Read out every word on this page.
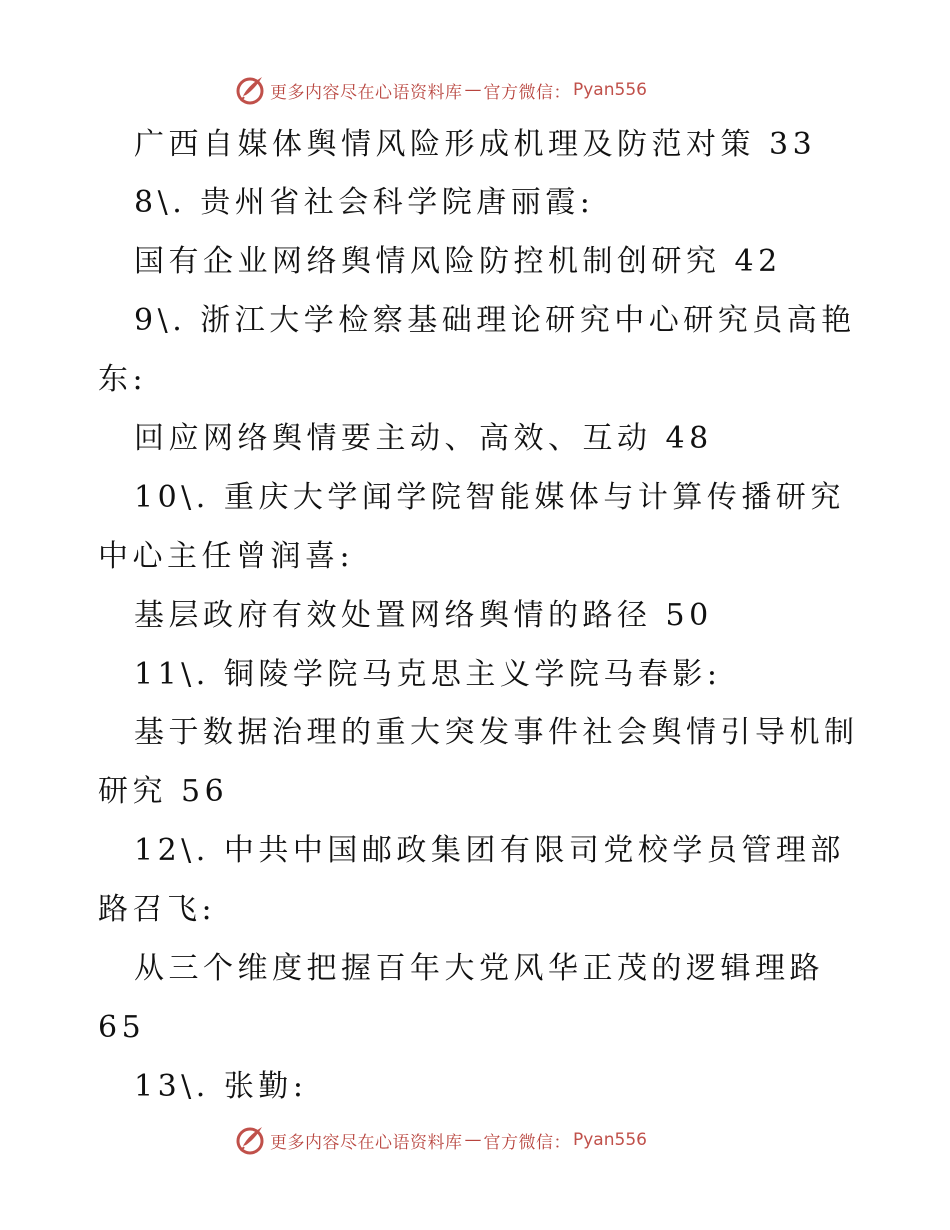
更多内容尽在心语资料库 — 官方微信： Pyan556
广西自媒体舆情风险形成机理及防范对策 33
8\. 贵州省社会科学院唐丽霞:
国有企业网络舆情风险防控机制创研究 42
9\. 浙江大学检察基础理论研究中心研究员高艳
东:
回应网络舆情要主动、高效、互动 48
10\. 重庆大学闻学院智能媒体与计算传播研究
中心主任曾润喜:
基层政府有效处置网络舆情的路径 50
11\. 铜陵学院马克思主义学院马春影:
基于数据治理的重大突发事件社会舆情引导机制
研究 56
12\. 中共中国邮政集团有限司党校学员管理部
路召飞:
从三个维度把握百年大党风华正茂的逻辑理路
65
13\. 张勤:
更多内容尽在心语资料库 — 官方微信： Pyan556
